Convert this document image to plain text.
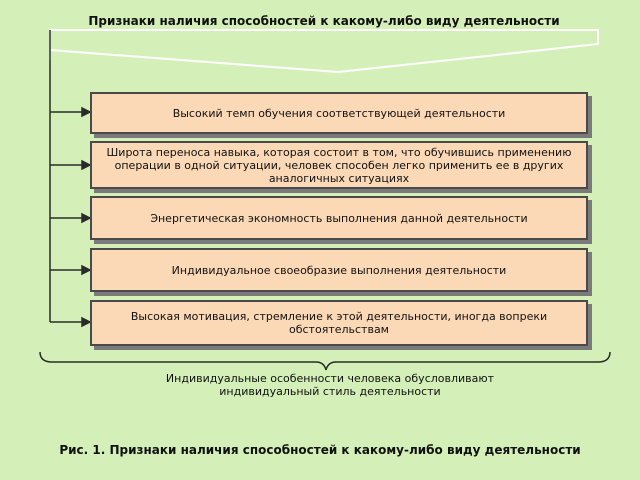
Признаки наличия способностей к какому-либо виду деятельности
Высокий темп обучения соответствующей деятельности
Широта переноса навыка, которая состоит в том, что обучившись применению операции в одной ситуации, человек способен легко применить ее в других аналогичных ситуациях
Энергетическая экономность выполнения данной деятельности
Индивидуальное своеобразие выполнения деятельности
Высокая мотивация, стремление к этой деятельности, иногда вопреки обстоятельствам
Индивидуальные особенности человека обусловливают индивидуальный стиль деятельности
Рис. 1. Признаки наличия способностей к какому-либо виду деятельности
